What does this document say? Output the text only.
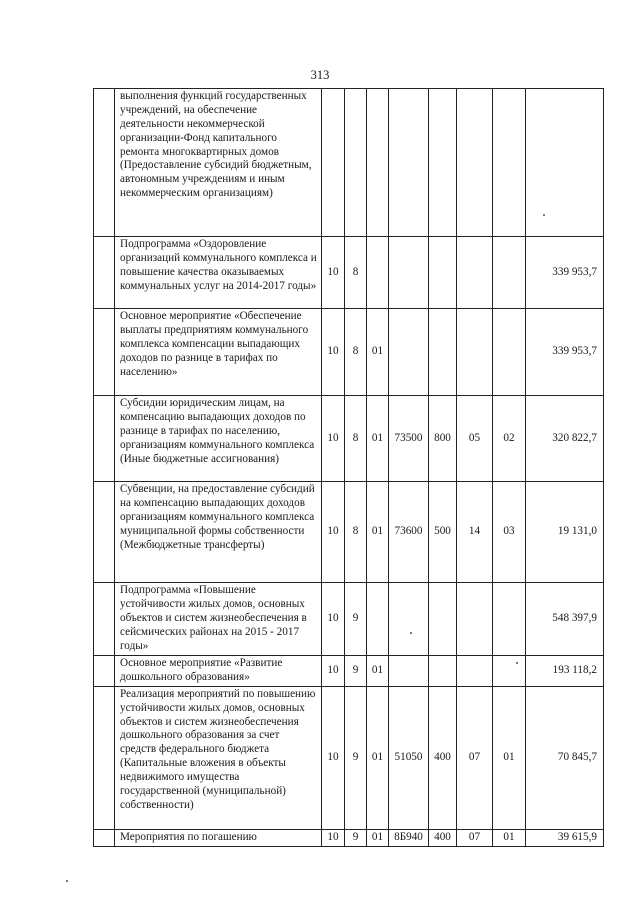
313
	выполнения функций государственных учреждений, на обеспечение деятельности некоммерческой организации-Фонд капитального ремонта многоквартирных домов (Предоставление субсидий бюджетным, автономным учреждениям и иным некоммерческим организациям)								
	Подпрограмма «Оздоровление организаций коммунального комплекса и повышение качества оказываемых коммунальных услуг на 2014-2017 годы»	10	8						339 953,7
	Основное мероприятие «Обеспечение выплаты предприятиям коммунального комплекса компенсации выпадающих доходов по разнице в тарифах по населению»	10	8	01					339 953,7
	Субсидии юридическим лицам, на компенсацию выпадающих доходов по разнице в тарифах по населению, организациям коммунального комплекса (Иные бюджетные ассигнования)	10	8	01	73500	800	05	02	320 822,7
	Субвенции, на предоставление субсидий на компенсацию выпадающих доходов организациям коммунального комплекса муниципальной формы собственности (Межбюджетные трансферты)	10	8	01	73600	500	14	03	19 131,0
	Подпрограмма «Повышение устойчивости жилых домов, основных объектов и систем жизнеобеспечения в сейсмических районах на 2015 - 2017 годы»	10	9						548 397,9
	Основное мероприятие «Развитие дошкольного образования»	10	9	01					193 118,2
	Реализация мероприятий по повышению устойчивости жилых домов, основных объектов и систем жизнеобеспечения дошкольного образования за счет средств федерального бюджета (Капитальные вложения в объекты недвижимого имущества государственной (муниципальной) собственности)	10	9	01	51050	400	07	01	70 845,7
	Мероприятия по погашению	10	9	01	8Б940	400	07	01	39 615,9
